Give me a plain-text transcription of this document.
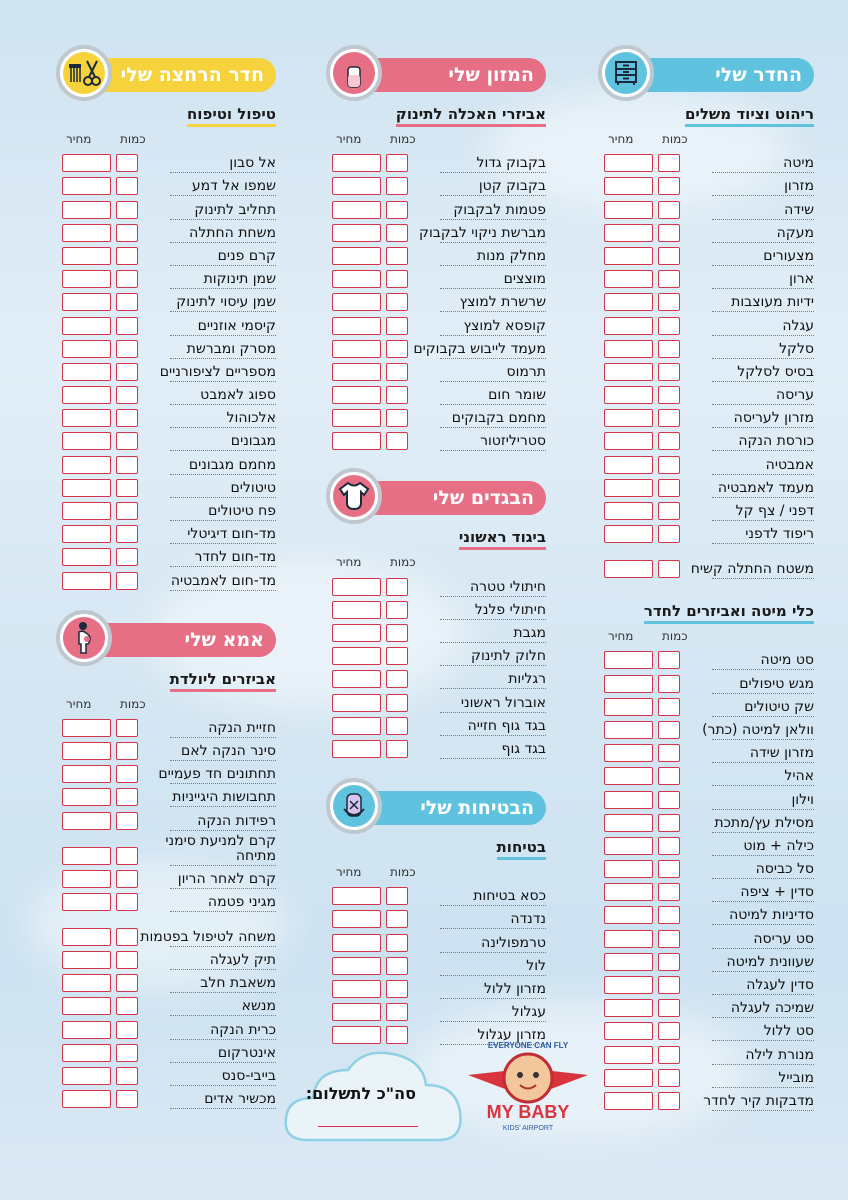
החדר שלי
ריהוט וציוד משלים
כמות
מחיר
מיטה
מזרון
שידה
מעקה
מצעורים
ארון
ידיות מעוצבות
עגלה
סלקל
בסיס לסלקל
עריסה
מזרון לעריסה
כורסת הנקה
אמבטיה
מעמד לאמבטיה
דפני / צף קל
ריפוד לדפני
משטח החתלה קשיח
כלי מיטה ואביזרים לחדר
כמות
מחיר
סט מיטה
מגש טיפולים
שק טיטולים
וולאן למיטה (כתר)
מזרון שידה
אהיל
וילון
מסילת עץ/מתכת
כילה + מוט
סל כביסה
סדין + ציפה
סדיניות למיטה
סט עריסה
שעוונית למיטה
סדין לעגלה
שמיכה לעגלה
סט ללול
מנורת לילה
מובייל
מדבקות קיר לחדר
המזון שלי
אביזרי האכלה לתינוק
כמות
מחיר
בקבוק גדול
בקבוק קטן
פטמות לבקבוק
מברשת ניקוי לבקבוק
מחלק מנות
מוצצים
שרשרת למוצץ
קופסא למוצץ
מעמד לייבוש בקבוקים
תרמוס
שומר חום
מחמם בקבוקים
סטריליזטור
הבגדים שלי
ביגוד ראשוני
כמות
מחיר
חיתולי טטרה
חיתולי פלנל
מגבת
חלוק לתינוק
רגליות
אוברול ראשוני
בגד גוף חזייה
בגד גוף
הבטיחות שלי
בטיחות
כמות
מחיר
כסא בטיחות
נדנדה
טרמפולינה
לול
מזרון ללול
עגלול
מזרון עגלול
חדר הרחצה שלי
טיפול וטיפוח
כמות
מחיר
אל סבון
שמפו אל דמע
תחליב לתינוק
משחת החתלה
קרם פנים
שמן תינוקות
שמן עיסוי לתינוק
קיסמי אוזניים
מסרק ומברשת
מספריים לציפורניים
ספוג לאמבט
אלכוהול
מגבונים
מחמם מגבונים
טיטולים
פח טיטולים
מד-חום דיגיטלי
מד-חום לחדר
מד-חום לאמבטיה
אמא שלי
אביזרים ליולדת
כמות
מחיר
חזיית הנקה
סינר הנקה לאם
תחתונים חד פעמיים
תחבושות היגייניות
רפידות הנקה
קרם למניעת סימני מתיחה
קרם לאחר הריון
מגיני פטמה
משחה לטיפול בפטמות
תיק לעגלה
משאבת חלב
מנשא
כרית הנקה
אינטרקום
בייבי-סנס
מכשיר אדים סה"כ לתשלום:
MY BABY
KIDS' AIRPORT
EVERYONE CAN FLY
